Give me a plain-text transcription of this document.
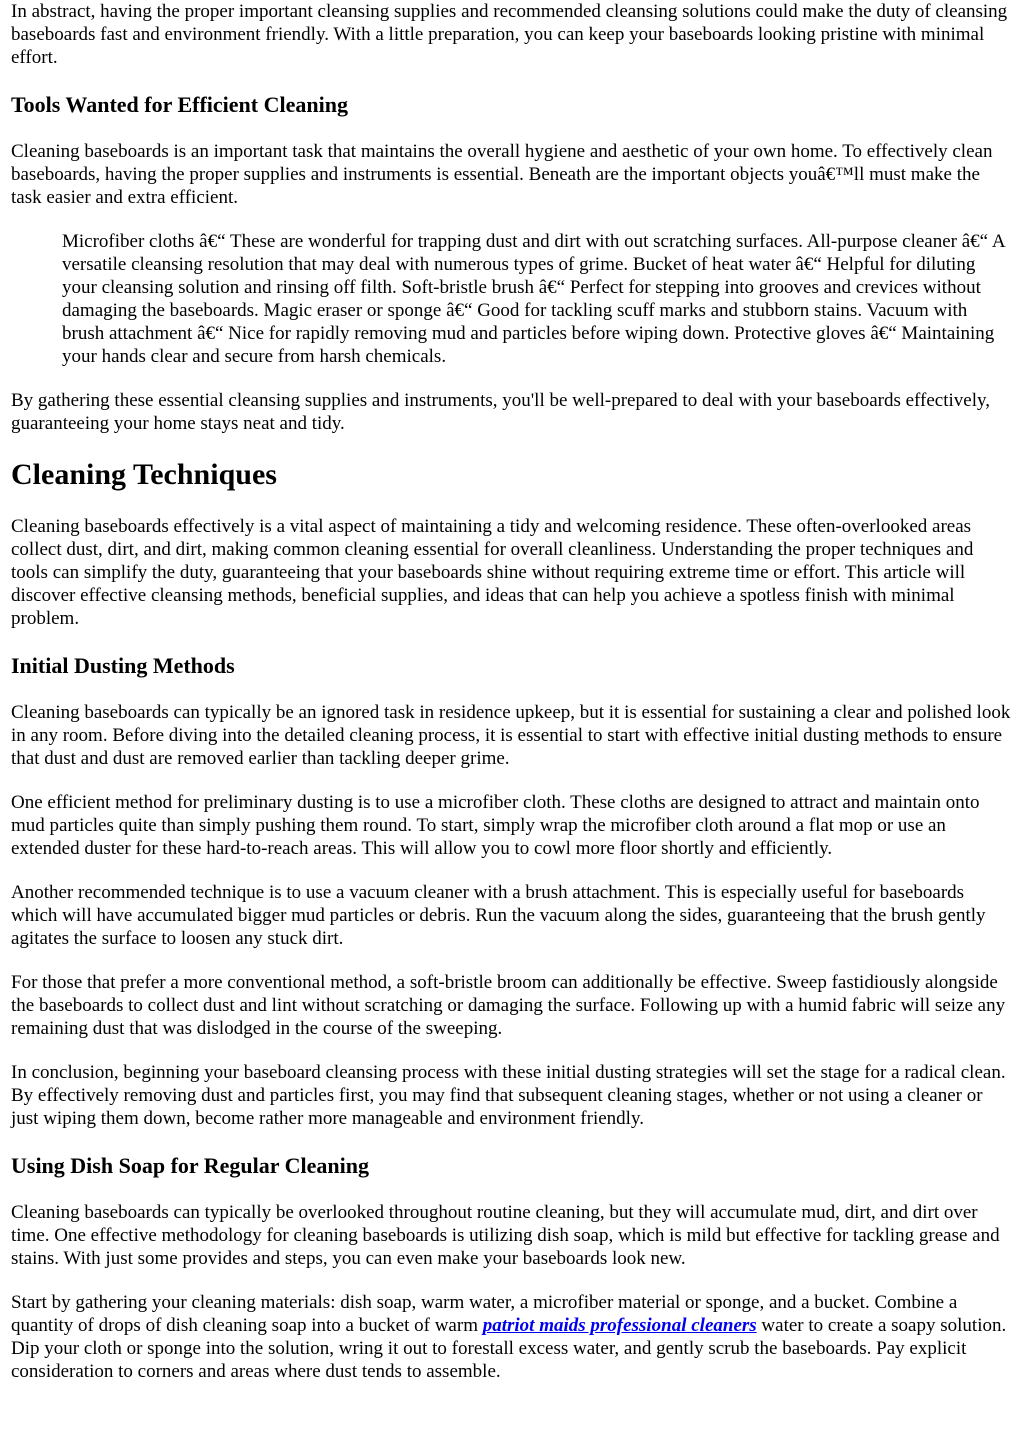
In abstract, having the proper important cleansing supplies and recommended cleansing solutions could make the duty of cleansing baseboards fast and environment friendly. With a little preparation, you can keep your baseboards looking pristine with minimal effort.

Tools Wanted for Efficient Cleaning

Cleaning baseboards is an important task that maintains the overall hygiene and aesthetic of your own home. To effectively clean baseboards, having the proper supplies and instruments is essential. Beneath are the important objects youâ€™ll must make the task easier and extra efficient.

Microfiber cloths â€“ These are wonderful for trapping dust and dirt with out scratching surfaces. All-purpose cleaner â€“ A versatile cleansing resolution that may deal with numerous types of grime. Bucket of heat water â€“ Helpful for diluting your cleansing solution and rinsing off filth. Soft-bristle brush â€“ Perfect for stepping into grooves and crevices without damaging the baseboards. Magic eraser or sponge â€“ Good for tackling scuff marks and stubborn stains. Vacuum with brush attachment â€“ Nice for rapidly removing mud and particles before wiping down. Protective gloves â€“ Maintaining your hands clear and secure from harsh chemicals.

By gathering these essential cleansing supplies and instruments, you'll be well-prepared to deal with your baseboards effectively, guaranteeing your home stays neat and tidy.

Cleaning Techniques

Cleaning baseboards effectively is a vital aspect of maintaining a tidy and welcoming residence. These often-overlooked areas collect dust, dirt, and dirt, making common cleaning essential for overall cleanliness. Understanding the proper techniques and tools can simplify the duty, guaranteeing that your baseboards shine without requiring extreme time or effort. This article will discover effective cleansing methods, beneficial supplies, and ideas that can help you achieve a spotless finish with minimal problem.

Initial Dusting Methods

Cleaning baseboards can typically be an ignored task in residence upkeep, but it is essential for sustaining a clear and polished look in any room. Before diving into the detailed cleaning process, it is essential to start with effective initial dusting methods to ensure that dust and dust are removed earlier than tackling deeper grime.

One efficient method for preliminary dusting is to use a microfiber cloth. These cloths are designed to attract and maintain onto mud particles quite than simply pushing them round. To start, simply wrap the microfiber cloth around a flat mop or use an extended duster for these hard-to-reach areas. This will allow you to cowl more floor shortly and efficiently.

Another recommended technique is to use a vacuum cleaner with a brush attachment. This is especially useful for baseboards which will have accumulated bigger mud particles or debris. Run the vacuum along the sides, guaranteeing that the brush gently agitates the surface to loosen any stuck dirt.

For those that prefer a more conventional method, a soft-bristle broom can additionally be effective. Sweep fastidiously alongside the baseboards to collect dust and lint without scratching or damaging the surface. Following up with a humid fabric will seize any remaining dust that was dislodged in the course of the sweeping.

In conclusion, beginning your baseboard cleansing process with these initial dusting strategies will set the stage for a radical clean. By effectively removing dust and particles first, you may find that subsequent cleaning stages, whether or not using a cleaner or just wiping them down, become rather more manageable and environment friendly.

Using Dish Soap for Regular Cleaning

Cleaning baseboards can typically be overlooked throughout routine cleaning, but they will accumulate mud, dirt, and dirt over time. One effective methodology for cleaning baseboards is utilizing dish soap, which is mild but effective for tackling grease and stains. With just some provides and steps, you can even make your baseboards look new.

Start by gathering your cleaning materials: dish soap, warm water, a microfiber material or sponge, and a bucket. Combine a quantity of drops of dish cleaning soap into a bucket of warm patriot maids professional cleaners water to create a soapy solution. Dip your cloth or sponge into the solution, wring it out to forestall excess water, and gently scrub the baseboards. Pay explicit consideration to corners and areas where dust tends to assemble.
